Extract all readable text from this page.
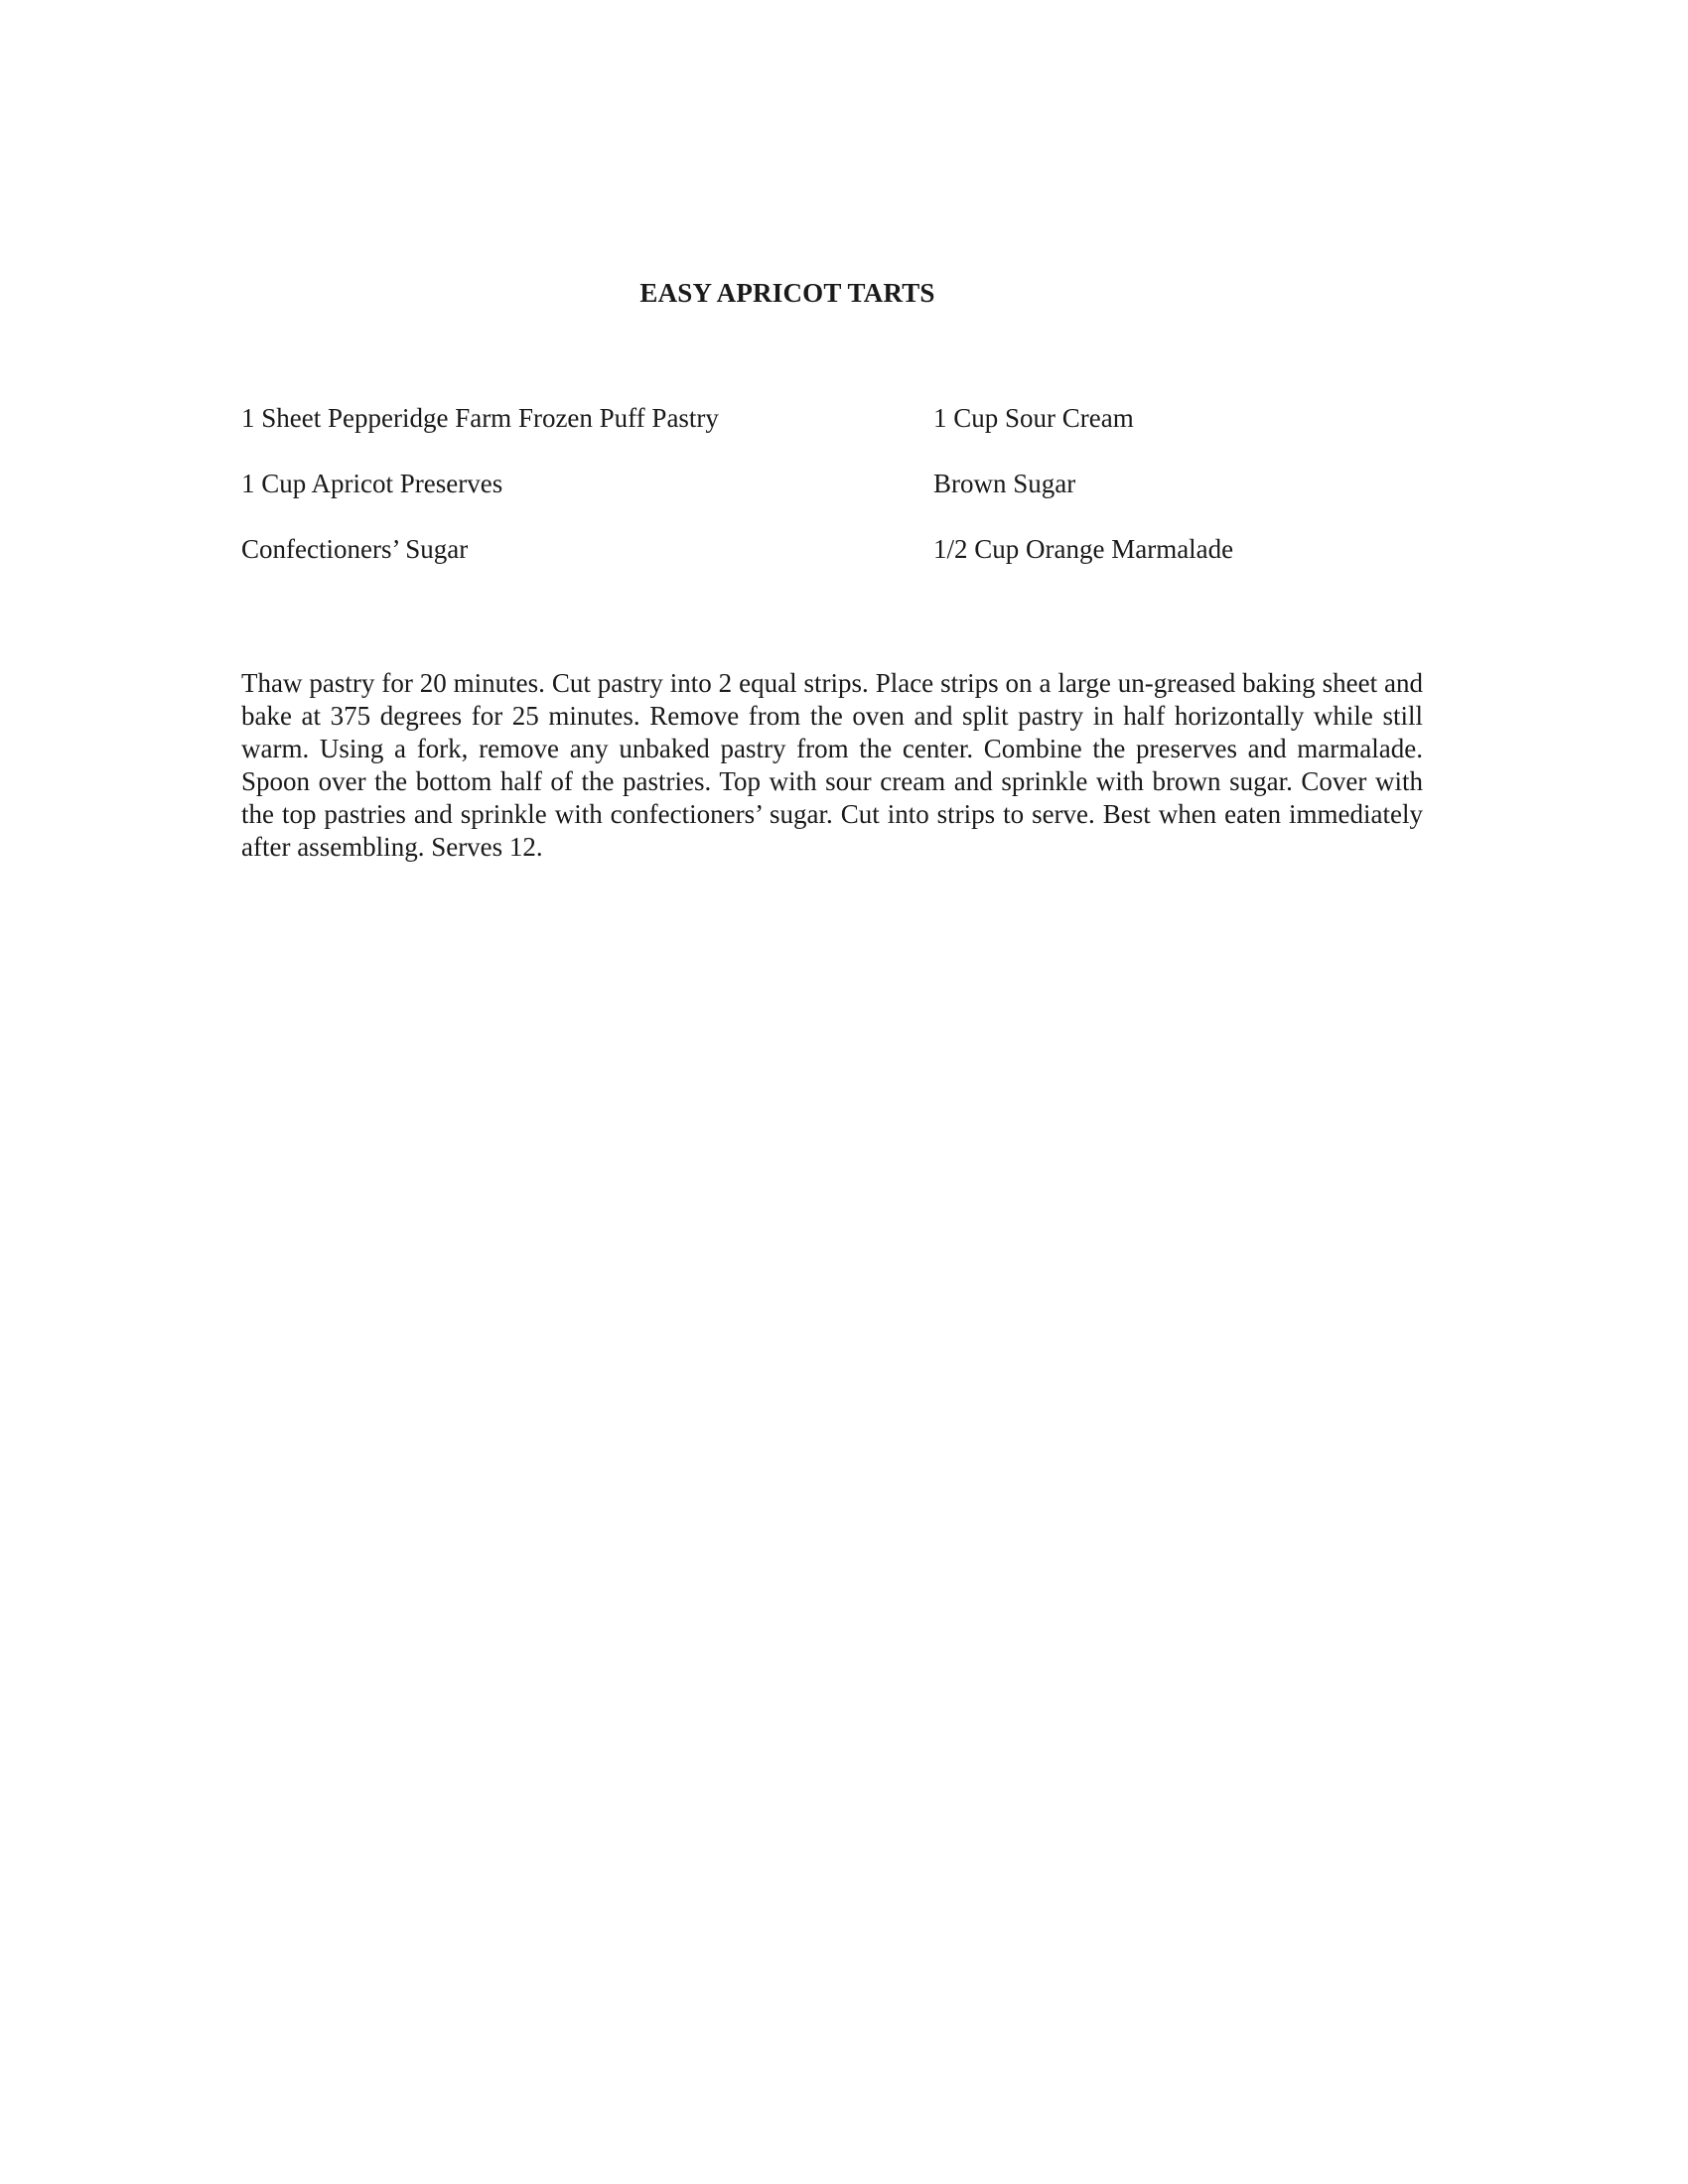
EASY APRICOT TARTS
1 Sheet Pepperidge Farm Frozen Puff Pastry	1 Cup Sour Cream
1 Cup Apricot Preserves	Brown Sugar
Confectioners’ Sugar	1/2 Cup Orange Marmalade
Thaw pastry for 20 minutes. Cut pastry into 2 equal strips. Place strips on a large un-greased baking sheet and bake at 375 degrees for 25 minutes. Remove from the oven and split pastry in half horizontally while still warm. Using a fork, remove any unbaked pastry from the center. Combine the preserves and marmalade. Spoon over the bottom half of the pastries. Top with sour cream and sprinkle with brown sugar. Cover with the top pastries and sprinkle with confectioners’ sugar. Cut into strips to serve. Best when eaten immediately after assembling. Serves 12.
